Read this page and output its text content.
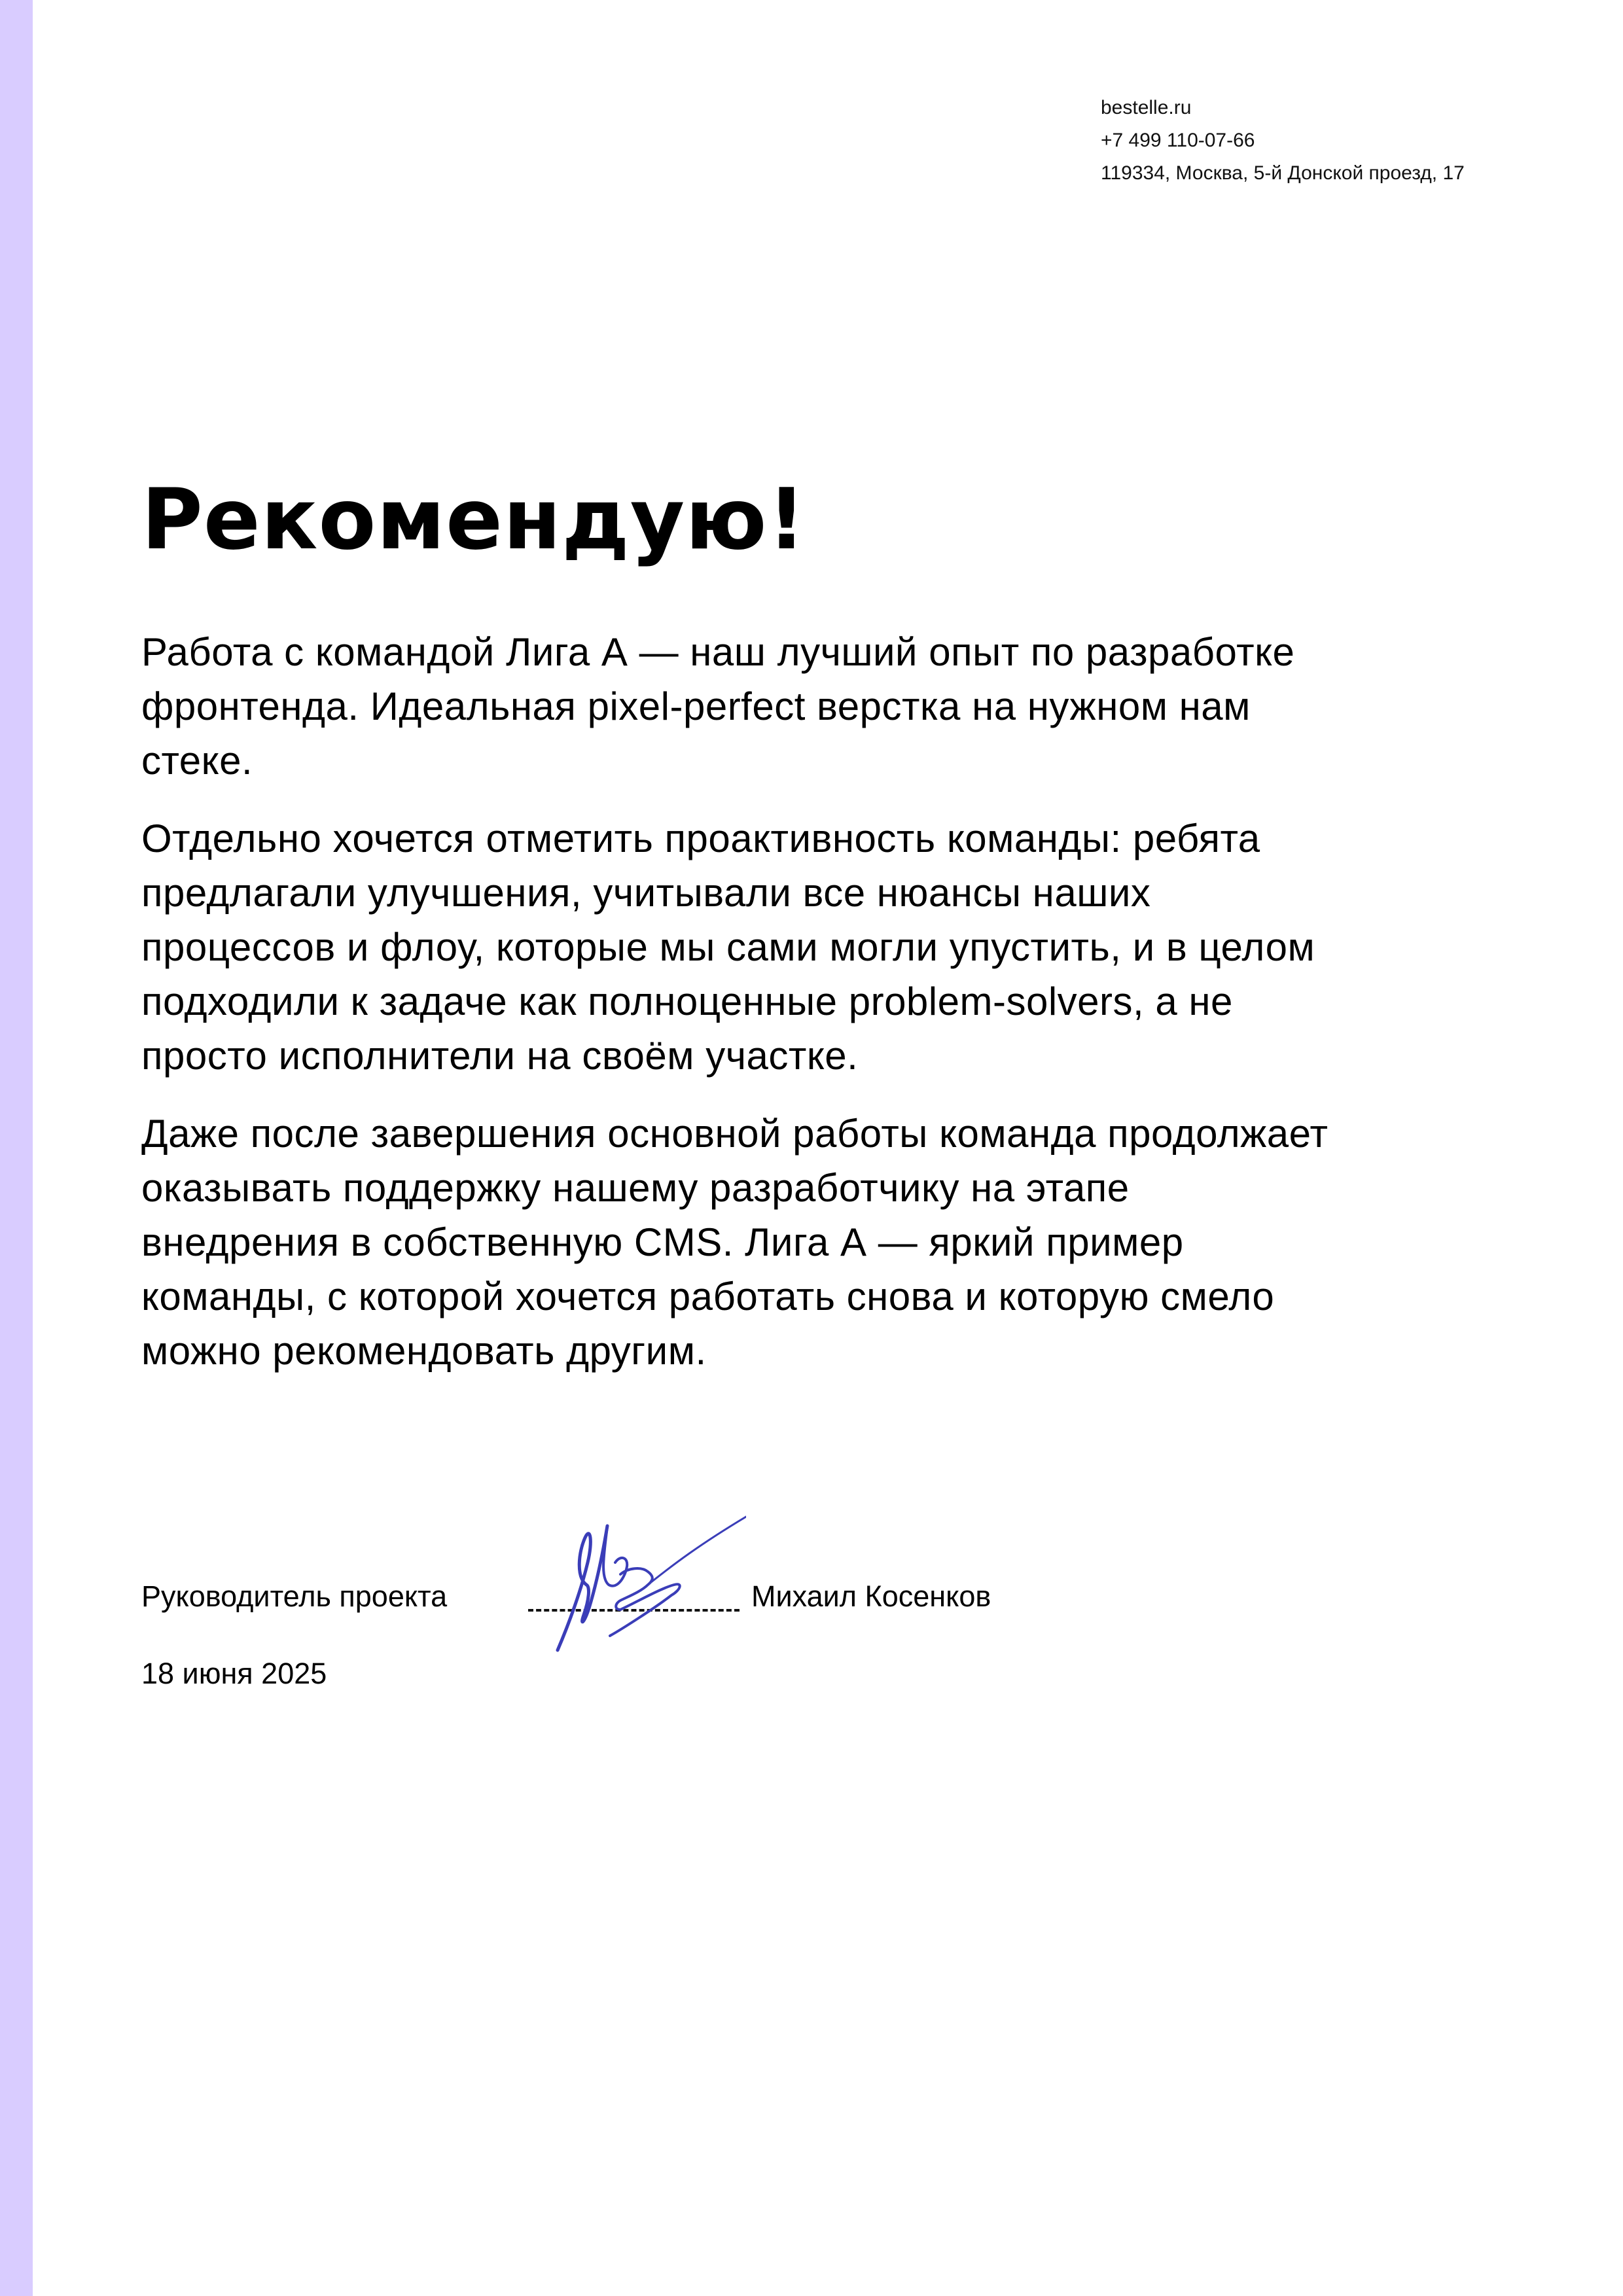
bestelle.ru
+7 499 110-07-66
119334, Москва, 5-й Донской проезд, 17
Рекомендую!

Работа с командой Лига А — наш лучший опыт по разработке
фронтенда. Идеальная pixel-perfect верстка на нужном нам
стеке.

Отдельно хочется отметить проактивность команды: ребята
предлагали улучшения, учитывали все нюансы наших
процессов и флоу, которые мы сами могли упустить, и в целом
подходили к задаче как полноценные problem-solvers, а не
просто исполнители на своём участке.

Даже после завершения основной работы команда продолжает
оказывать поддержку нашему разработчику на этапе
внедрения в собственную CMS. Лига А — яркий пример
команды, с которой хочется работать снова и которую смело
можно рекомендовать другим.

Руководитель проекта	Михаил Косенков
18 июня 2025
